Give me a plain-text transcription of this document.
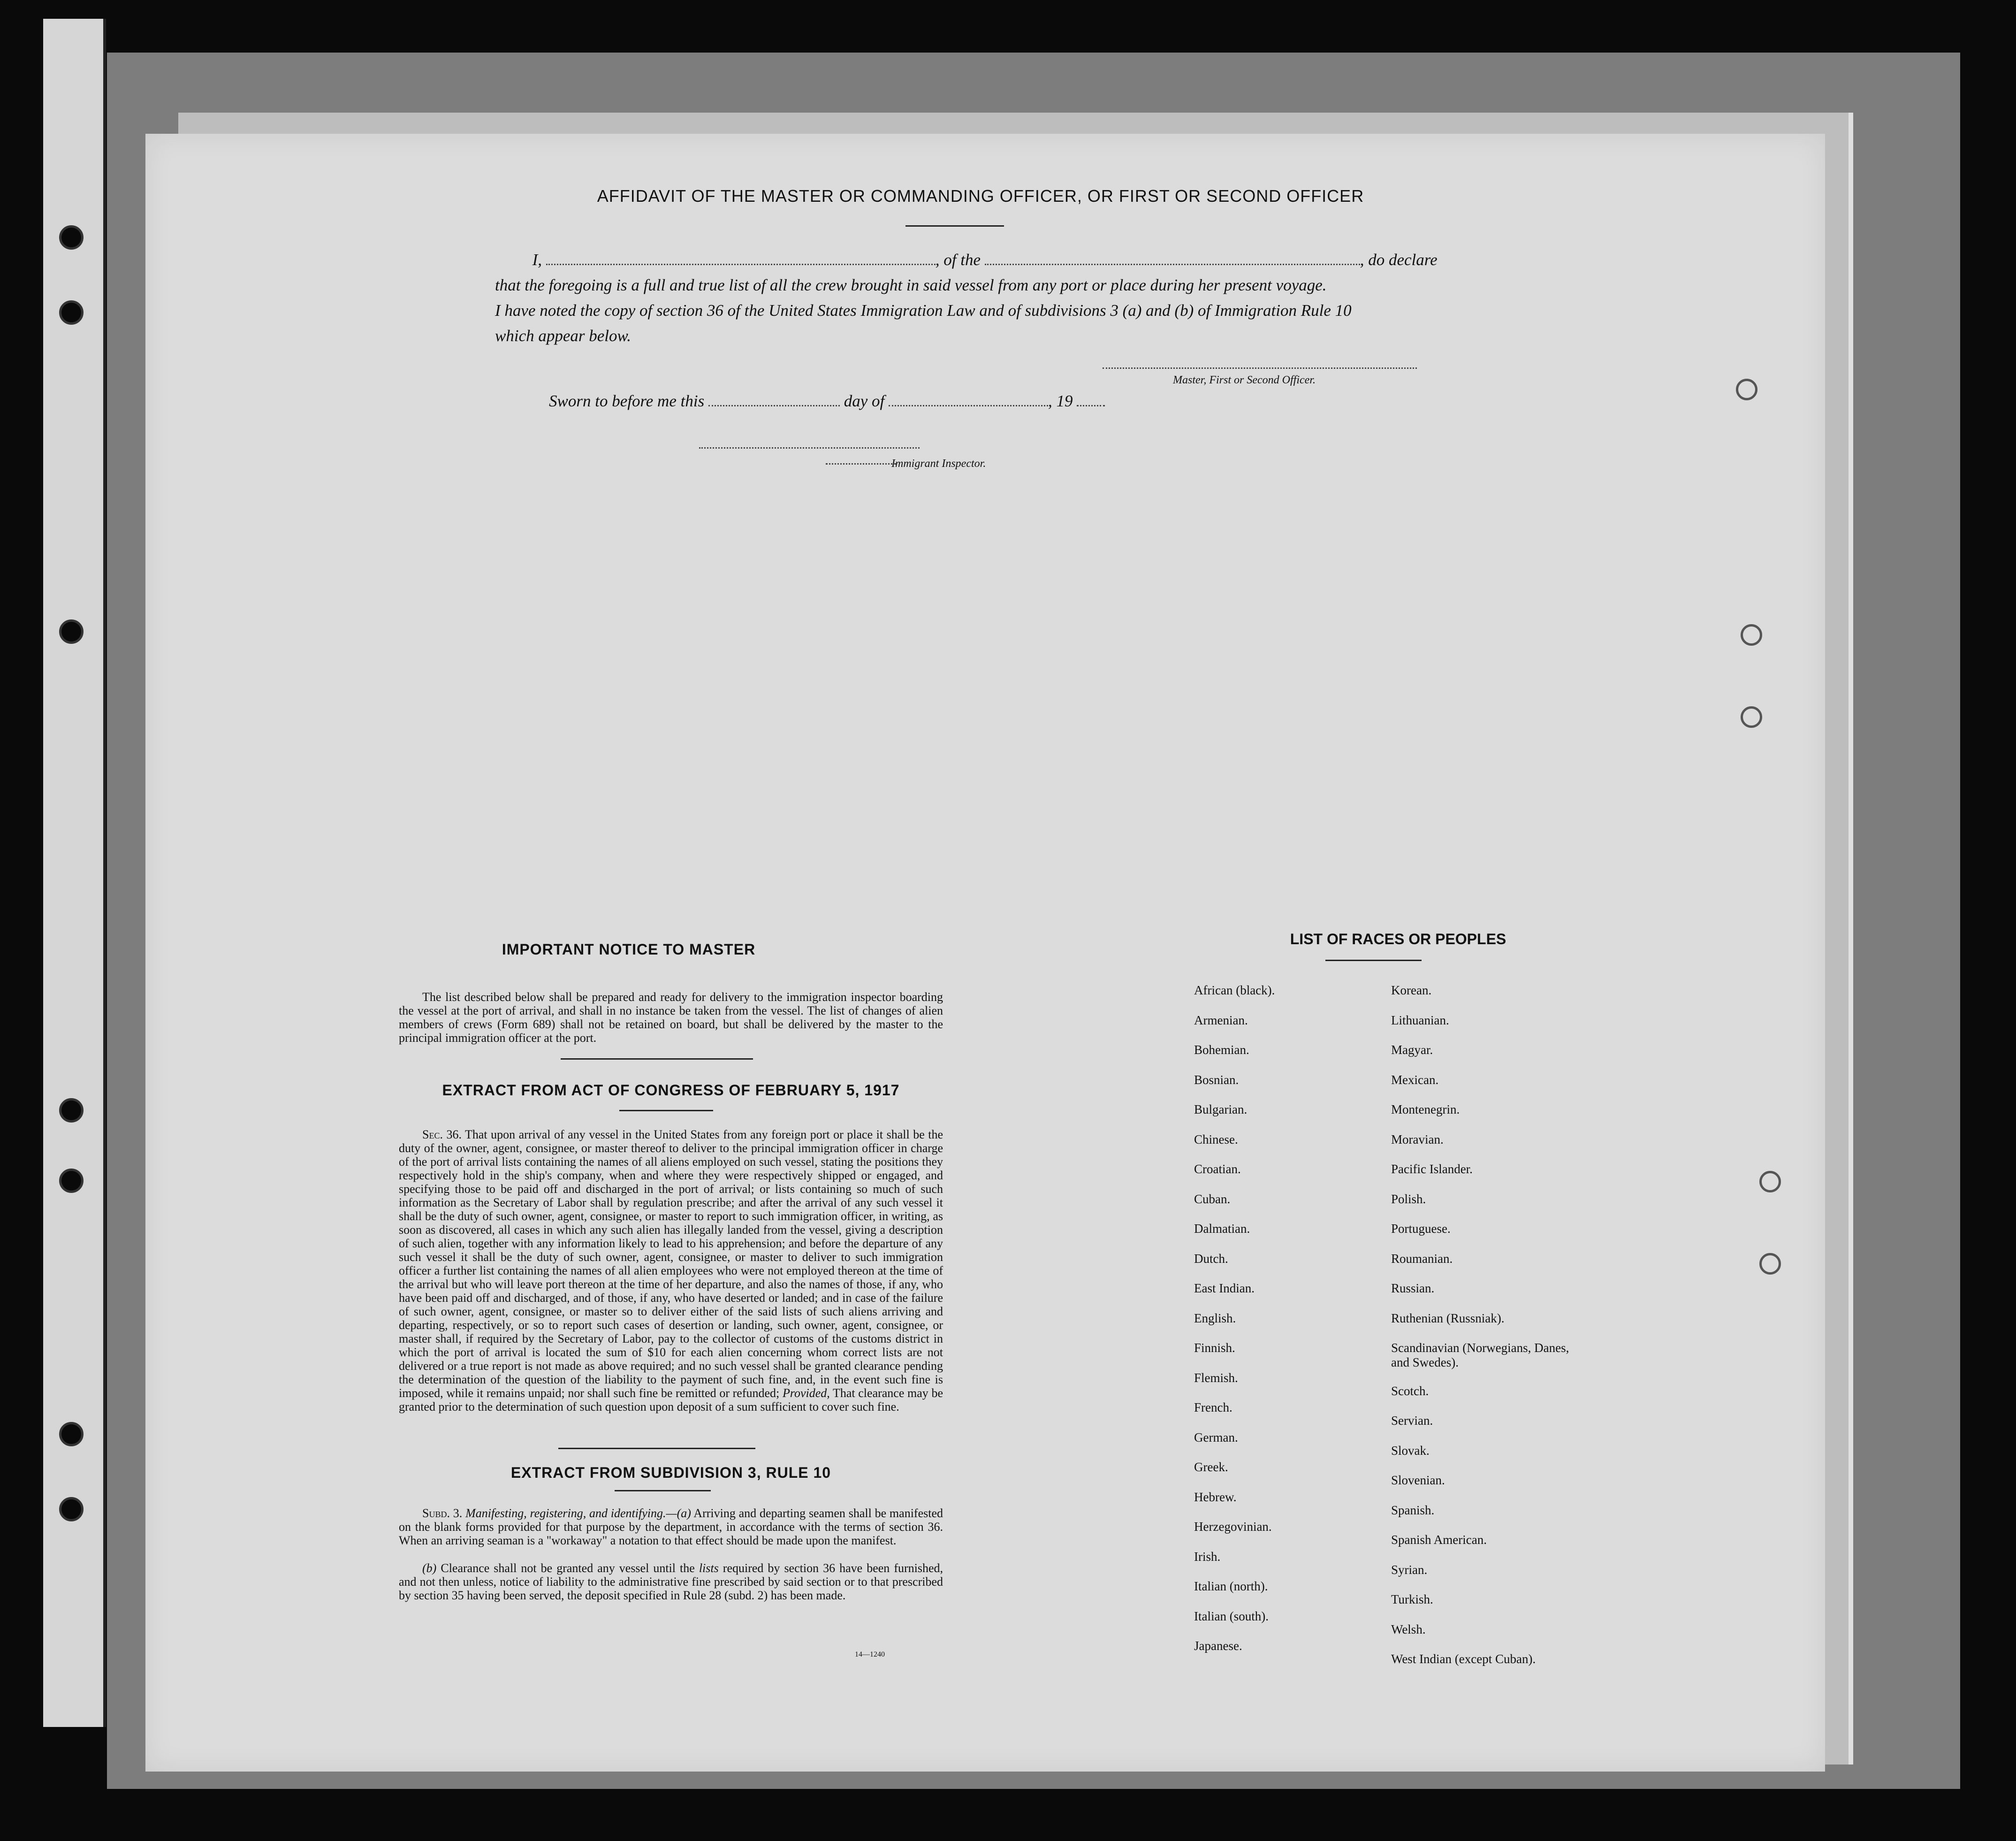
AFFIDAVIT OF THE MASTER OR COMMANDING OFFICER, OR FIRST OR SECOND OFFICER
I,	, of the	, do declare
that the foregoing is a full and true list of all the crew brought in said vessel from any port or place during her present voyage.
I have noted the copy of section 36 of the United States Immigration Law and of subdivisions 3 (a) and (b) of Immigration Rule 10
which appear below.
Master, First or Second Officer.
Sworn to before me this	day of	, 19
Immigrant Inspector.
IMPORTANT NOTICE TO MASTER
The list described below shall be prepared and ready for delivery to the immigration inspector boarding the vessel at the port of arrival, and shall in no instance be taken from the vessel. The list of changes of alien members of crews (Form 689) shall not be retained on board, but shall be delivered by the master to the principal immigration officer at the port.
EXTRACT FROM ACT OF CONGRESS OF FEBRUARY 5, 1917
Sec. 36. That upon arrival of any vessel in the United States from any foreign port or place it shall be the duty of the owner, agent, consignee, or master thereof to deliver to the principal immigration officer in charge of the port of arrival lists containing the names of all aliens employed on such vessel, stating the positions they respectively hold in the ship's company, when and where they were respectively shipped or engaged, and specifying those to be paid off and discharged in the port of arrival; or lists containing so much of such information as the Secretary of Labor shall by regulation prescribe; and after the arrival of any such vessel it shall be the duty of such owner, agent, consignee, or master to report to such immigration officer, in writing, as soon as discovered, all cases in which any such alien has illegally landed from the vessel, giving a description of such alien, together with any information likely to lead to his apprehension; and before the departure of any such vessel it shall be the duty of such owner, agent, consignee, or master to deliver to such immigration officer a further list containing the names of all alien employees who were not employed thereon at the time of the arrival but who will leave port thereon at the time of her departure, and also the names of those, if any, who have been paid off and discharged, and of those, if any, who have deserted or landed; and in case of the failure of such owner, agent, consignee, or master so to deliver either of the said lists of such aliens arriving and departing, respectively, or so to report such cases of desertion or landing, such owner, agent, consignee, or master shall, if required by the Secretary of Labor, pay to the collector of customs of the customs district in which the port of arrival is located the sum of $10 for each alien concerning whom correct lists are not delivered or a true report is not made as above required; and no such vessel shall be granted clearance pending the determination of the question of the liability to the payment of such fine, and, in the event such fine is imposed, while it remains unpaid; nor shall such fine be remitted or refunded; Provided, That clearance may be granted prior to the determination of such question upon deposit of a sum sufficient to cover such fine.
EXTRACT FROM SUBDIVISION 3, RULE 10
Subd. 3. Manifesting, registering, and identifying.—(a) Arriving and departing seamen shall be manifested on the blank forms provided for that purpose by the department, in accordance with the terms of section 36. When an arriving seaman is a "workaway" a notation to that effect should be made upon the manifest.
(b) Clearance shall not be granted any vessel until the lists required by section 36 have been furnished, and not then unless, notice of liability to the administrative fine prescribed by said section or to that prescribed by section 35 having been served, the deposit specified in Rule 28 (subd. 2) has been made.
14—1240
LIST OF RACES OR PEOPLES
African (black).
Armenian.
Bohemian.
Bosnian.
Bulgarian.
Chinese.
Croatian.
Cuban.
Dalmatian.
Dutch.
East Indian.
English.
Finnish.
Flemish.
French.
German.
Greek.
Hebrew.
Herzegovinian.
Irish.
Italian (north).
Italian (south).
Japanese.
Korean.
Lithuanian.
Magyar.
Mexican.
Montenegrin.
Moravian.
Pacific Islander.
Polish.
Portuguese.
Roumanian.
Russian.
Ruthenian (Russniak).
Scandinavian (Norwegians, Danes, and Swedes).
Scotch.
Servian.
Slovak.
Slovenian.
Spanish.
Spanish American.
Syrian.
Turkish.
Welsh.
West Indian (except Cuban).
